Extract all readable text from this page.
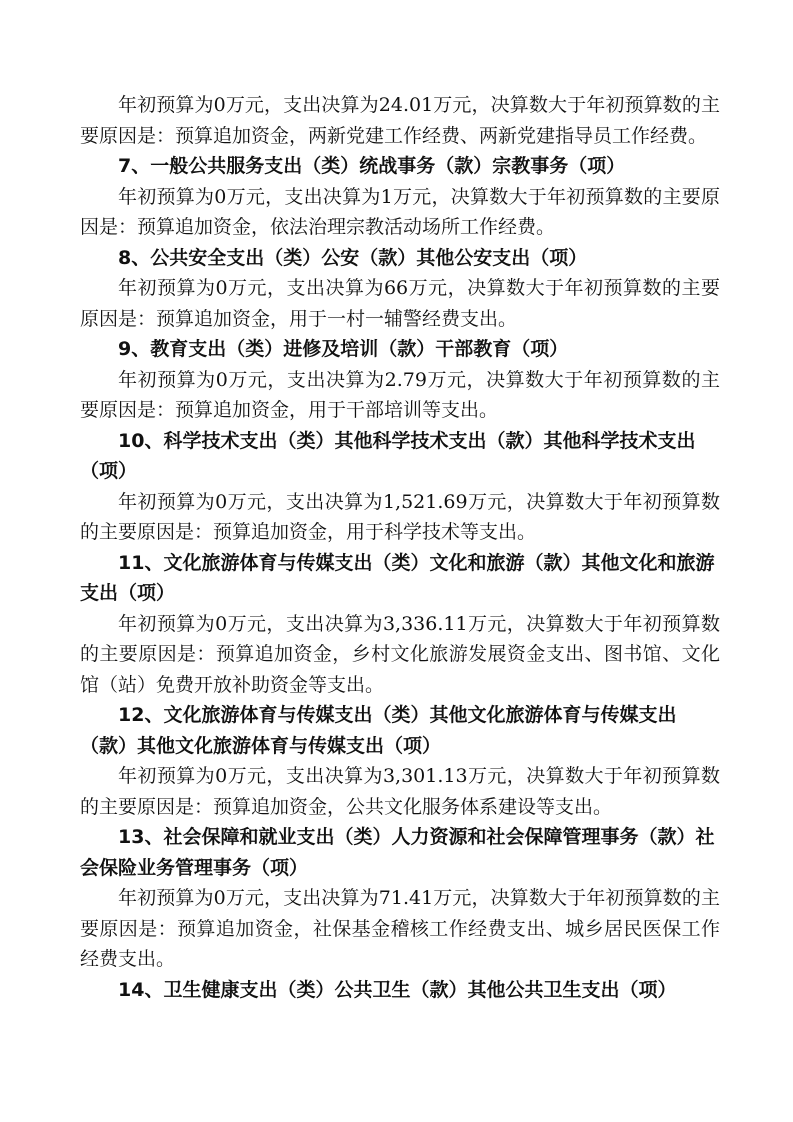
年初预算为0万元，支出决算为24.01万元，决算数大于年初预算数的主要原因是：预算追加资金，两新党建工作经费、两新党建指导员工作经费。

7、一般公共服务支出（类）统战事务（款）宗教事务（项）

年初预算为0万元，支出决算为1万元，决算数大于年初预算数的主要原因是：预算追加资金，依法治理宗教活动场所工作经费。

8、公共安全支出（类）公安（款）其他公安支出（项）

年初预算为0万元，支出决算为66万元，决算数大于年初预算数的主要原因是：预算追加资金，用于一村一辅警经费支出。

9、教育支出（类）进修及培训（款）干部教育（项）

年初预算为0万元，支出决算为2.79万元，决算数大于年初预算数的主要原因是：预算追加资金，用于干部培训等支出。

10、科学技术支出（类）其他科学技术支出（款）其他科学技术支出（项）

年初预算为0万元，支出决算为1,521.69万元，决算数大于年初预算数的主要原因是：预算追加资金，用于科学技术等支出。

11、文化旅游体育与传媒支出（类）文化和旅游（款）其他文化和旅游支出（项）

年初预算为0万元，支出决算为3,336.11万元，决算数大于年初预算数的主要原因是：预算追加资金，乡村文化旅游发展资金支出、图书馆、文化馆（站）免费开放补助资金等支出。

12、文化旅游体育与传媒支出（类）其他文化旅游体育与传媒支出（款）其他文化旅游体育与传媒支出（项）

年初预算为0万元，支出决算为3,301.13万元，决算数大于年初预算数的主要原因是：预算追加资金，公共文化服务体系建设等支出。

13、社会保障和就业支出（类）人力资源和社会保障管理事务（款）社会保险业务管理事务（项）

年初预算为0万元，支出决算为71.41万元，决算数大于年初预算数的主要原因是：预算追加资金，社保基金稽核工作经费支出、城乡居民医保工作经费支出。

14、卫生健康支出（类）公共卫生（款）其他公共卫生支出（项）
